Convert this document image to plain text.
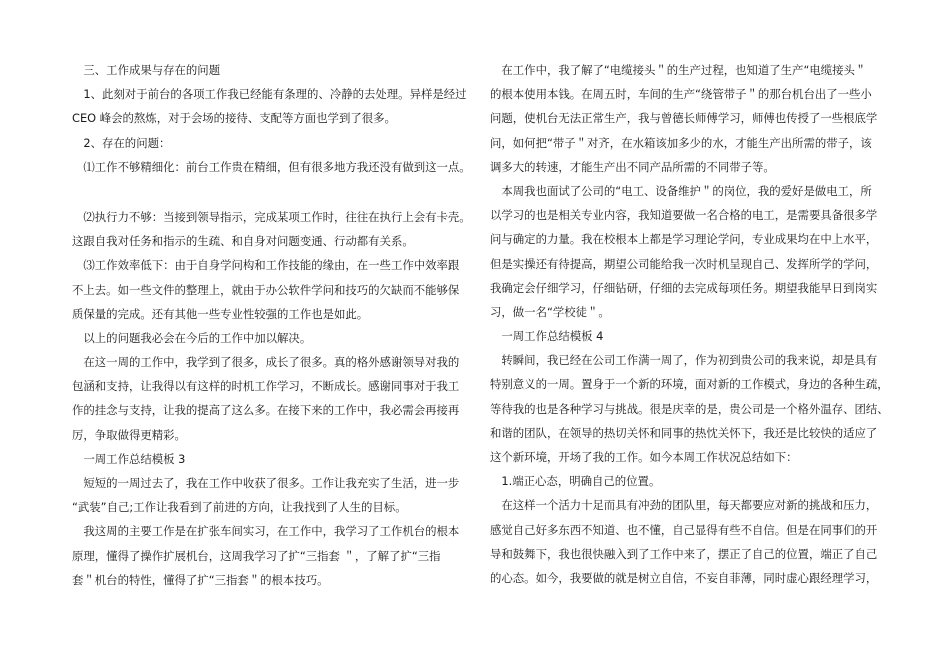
　三、工作成果与存在的问题
　1、此刻对于前台的各项工作我已经能有条理的、冷静的去处理。异样是经过
CEO 峰会的熬炼，对于会场的接待、支配等方面也学到了很多。
　2、存在的问题：
　⑴工作不够精细化：前台工作贵在精细，但有很多地方我还没有做到这一点。
　⑵执行力不够：当接到领导指示，完成某项工作时，往往在执行上会有卡壳。
这跟自我对任务和指示的生疏、和自身对问题变通、行动都有关系。
　⑶工作效率低下：由于自身学问构和工作技能的缘由，在一些工作中效率跟
不上去。如一些文件的整理上，就由于办公软件学问和技巧的欠缺而不能够保
质保量的完成。还有其他一些专业性较强的工作也是如此。
　以上的问题我必会在今后的工作中加以解决。
　在这一周的工作中，我学到了很多，成长了很多。真的格外感谢领导对我的
包涵和支持，让我得以有这样的时机工作学习，不断成长。感谢同事对于我工
作的挂念与支持，让我的提高了这么多。在接下来的工作中，我必需会再接再
厉，争取做得更精彩。
　一周工作总结模板 3
　短短的一周过去了，我在工作中收获了很多。工作让我充实了生活，进一步
“武装”自己;工作让我看到了前进的方向，让我找到了人生的目标。
　我这周的主要工作是在扩张车间实习，在工作中，我学习了工作机台的根本
原理，懂得了操作扩展机台，这周我学习了扩“三指套 ＂，了解了扩“三指
套＂机台的特性，懂得了扩“三指套＂的根本技巧。
　在工作中，我了解了“电缆接头＂的生产过程，也知道了生产“电缆接头＂
的根本使用本钱。在周五时，车间的生产“绕管带子＂的那台机台出了一些小
问题，使机台无法正常生产，我与曾德长师傅学习，师傅也传授了一些根底学
问，如何把“带子＂对齐，在水箱该加多少的水，才能生产出所需的带子，该
调多大的转速，才能生产出不同产品所需的不同带子等。
　本周我也面试了公司的“电工、设备维护＂的岗位，我的爱好是做电工，所
以学习的也是相关专业内容，我知道要做一名合格的电工，是需要具备很多学
问与确定的力量。我在校根本上都是学习理论学问，专业成果均在中上水平，
但是实操还有待提高，期望公司能给我一次时机呈现自己、发挥所学的学问，
我确定会仔细学习，仔细钻研，仔细的去完成每项任务。期望我能早日到岗实
习，做一名“学校徒＂。
　一周工作总结模板 4
　转瞬间，我已经在公司工作满一周了，作为初到贵公司的我来说，却是具有
特别意义的一周。置身于一个新的环境，面对新的工作模式，身边的各种生疏，
等待我的也是各种学习与挑战。很是庆幸的是，贵公司是一个格外温存、团结、
和谐的团队，在领导的热切关怀和同事的热忱关怀下，我还是比较快的适应了
这个新环境，开场了我的工作。如今本周工作状况总结如下：
　1.端正心态，明确自己的位置。
　在这样一个活力十足而具有冲劲的团队里，每天都要应对新的挑战和压力，
感觉自己好多东西不知道、也不懂，自己显得有些不自信。但是在同事们的开
导和鼓舞下，我也很快融入到了工作中来了，摆正了自己的位置，端正了自己
的心态。如今，我要做的就是树立自信，不妄自菲薄，同时虚心跟经理学习，
